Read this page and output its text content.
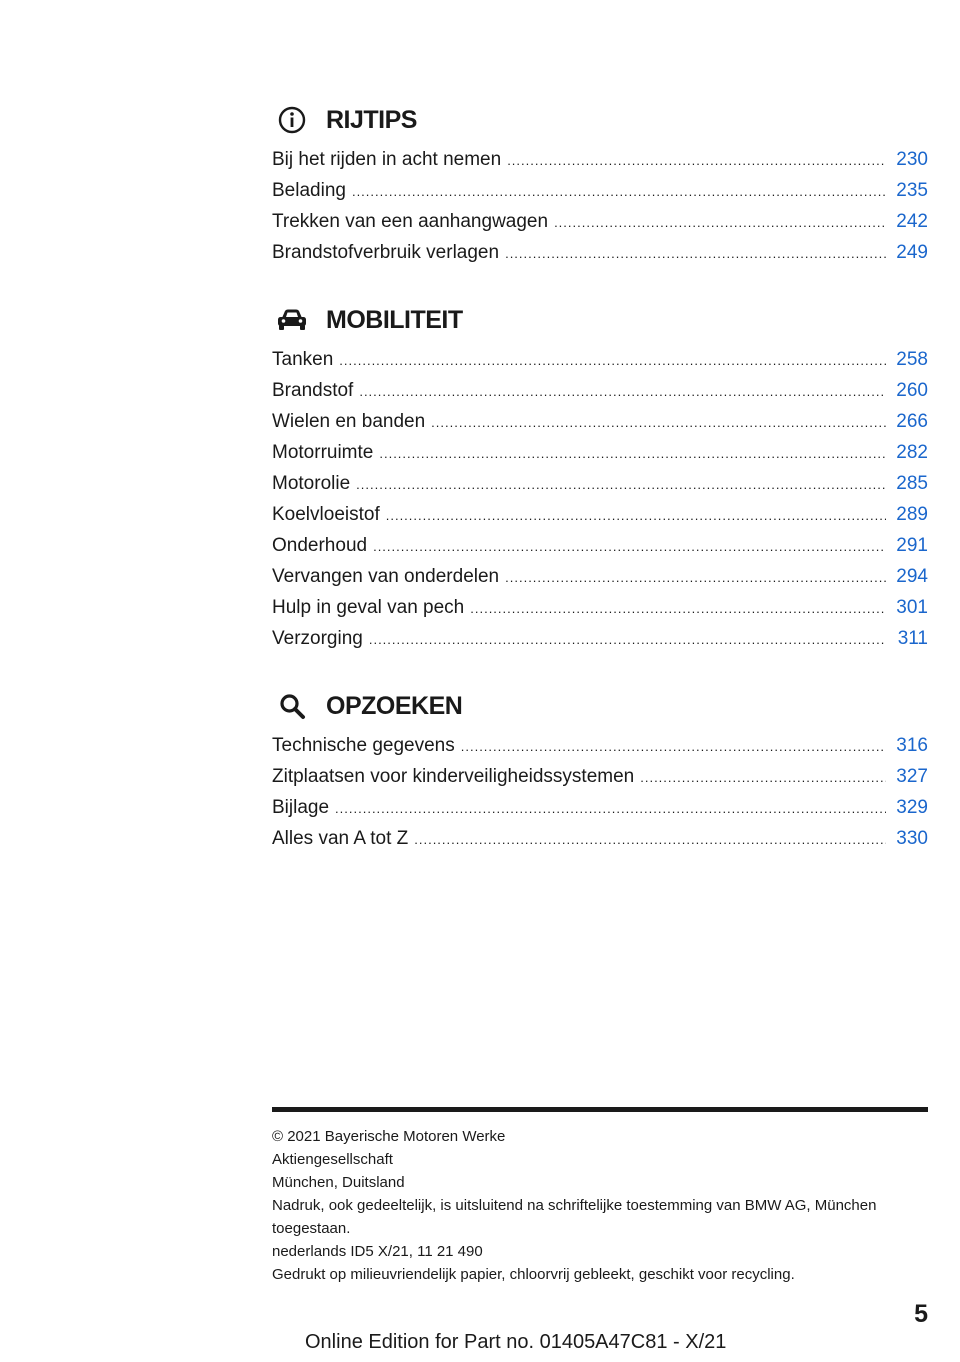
RIJTIPS
Bij het rijden in acht nemen .....	230
Belading .....	235
Trekken van een aanhangwagen .....	242
Brandstofverbruik verlagen .....	249
MOBILITEIT
Tanken .....	258
Brandstof .....	260
Wielen en banden .....	266
Motorruimte .....	282
Motorolie .....	285
Koelvloeistof .....	289
Onderhoud .....	291
Vervangen van onderdelen .....	294
Hulp in geval van pech .....	301
Verzorging .....	311
OPZOEKEN
Technische gegevens .....	316
Zitplaatsen voor kinderveiligheidssystemen .....	327
Bijlage .....	329
Alles van A tot Z .....	330
© 2021 Bayerische Motoren Werke
Aktiengesellschaft
München, Duitsland
Nadruk, ook gedeeltelijk, is uitsluitend na schriftelijke toestemming van BMW AG, München toegestaan.
nederlands ID5 X/21, 11 21 490
Gedrukt op milieuvriendelijk papier, chloorvrij gebleekt, geschikt voor recycling.
5
Online Edition for Part no. 01405A47C81 - X/21
